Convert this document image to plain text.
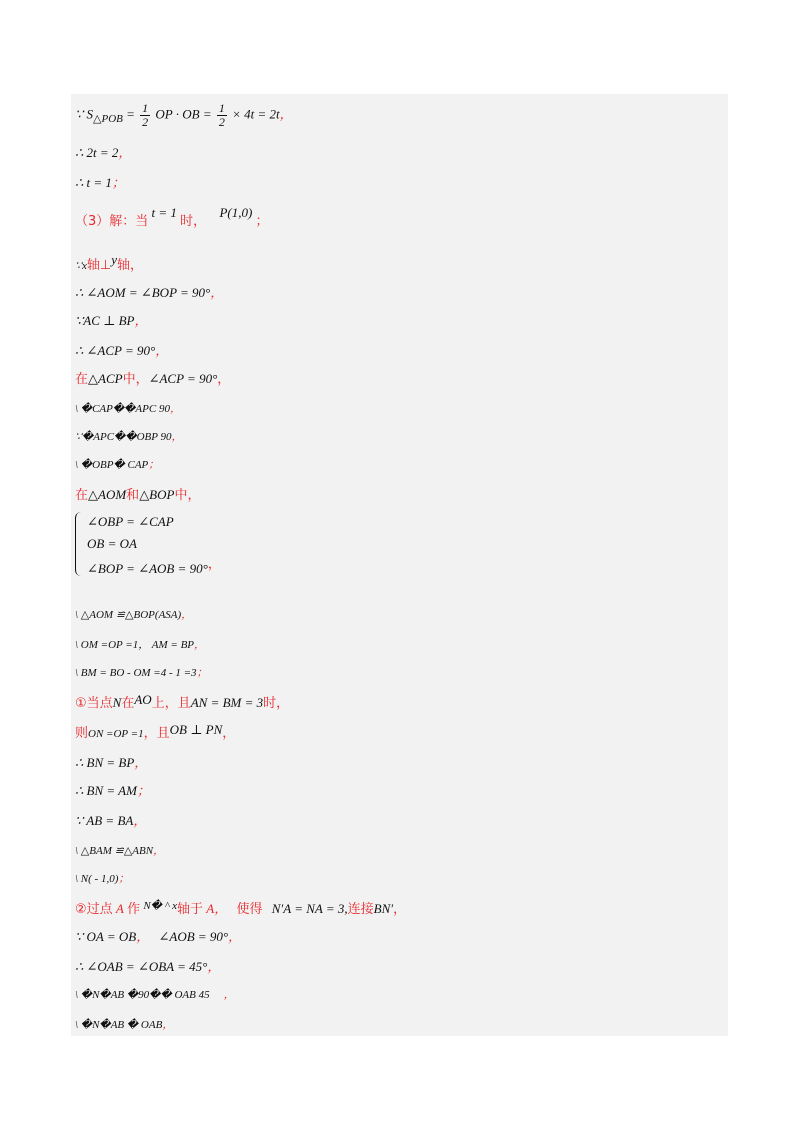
∵ $S_{\triangle POB} = \frac{1}{2}$ OP · OB = $\frac{1}{2} \times 4t = 2t$，
∴ 2t = 2，
∴ t = 1；
（3）解：当 t = 1 时， P(1,0) ；
∵x轴⊥y轴，
∴ ∠AOM = ∠BOP = 90°，
∵AC ⊥ BP，
∴ ∠ACP = 90°，
在△ACP中，∠ACP = 90°，
\ �CAP��APC 90，
∵�APC��OBP 90，
\ �OBP� CAP；
在△AOM和△BOP中，
∠OBP = ∠CAP
OB = OA
∠BOP = ∠AOB = 90°，
\ △AOM ≌△BOP(ASA)，
\ OM =OP =1， AM = BP，
\ BM = BO - OM =4 - 1 =3；
①当点N在AO上，且AN = BM = 3时，
则ON =OP =1，且OB ⊥ PN，
∴ BN = BP，
∴ BN = AM；
∵ AB = BA，
\ △BAM ≌△ABN，
\ N( - 1,0)；
②过点 A 作 $^{N� \^{} x}$轴于 A， 使得 N′A = NA = 3,连接BN′，
∵ OA = OB， ∠AOB = 90°，
∴ ∠OAB = ∠OBA = 45°，
\ �N�AB �90�� OAB 45 ，
\ �N�AB � OAB，
